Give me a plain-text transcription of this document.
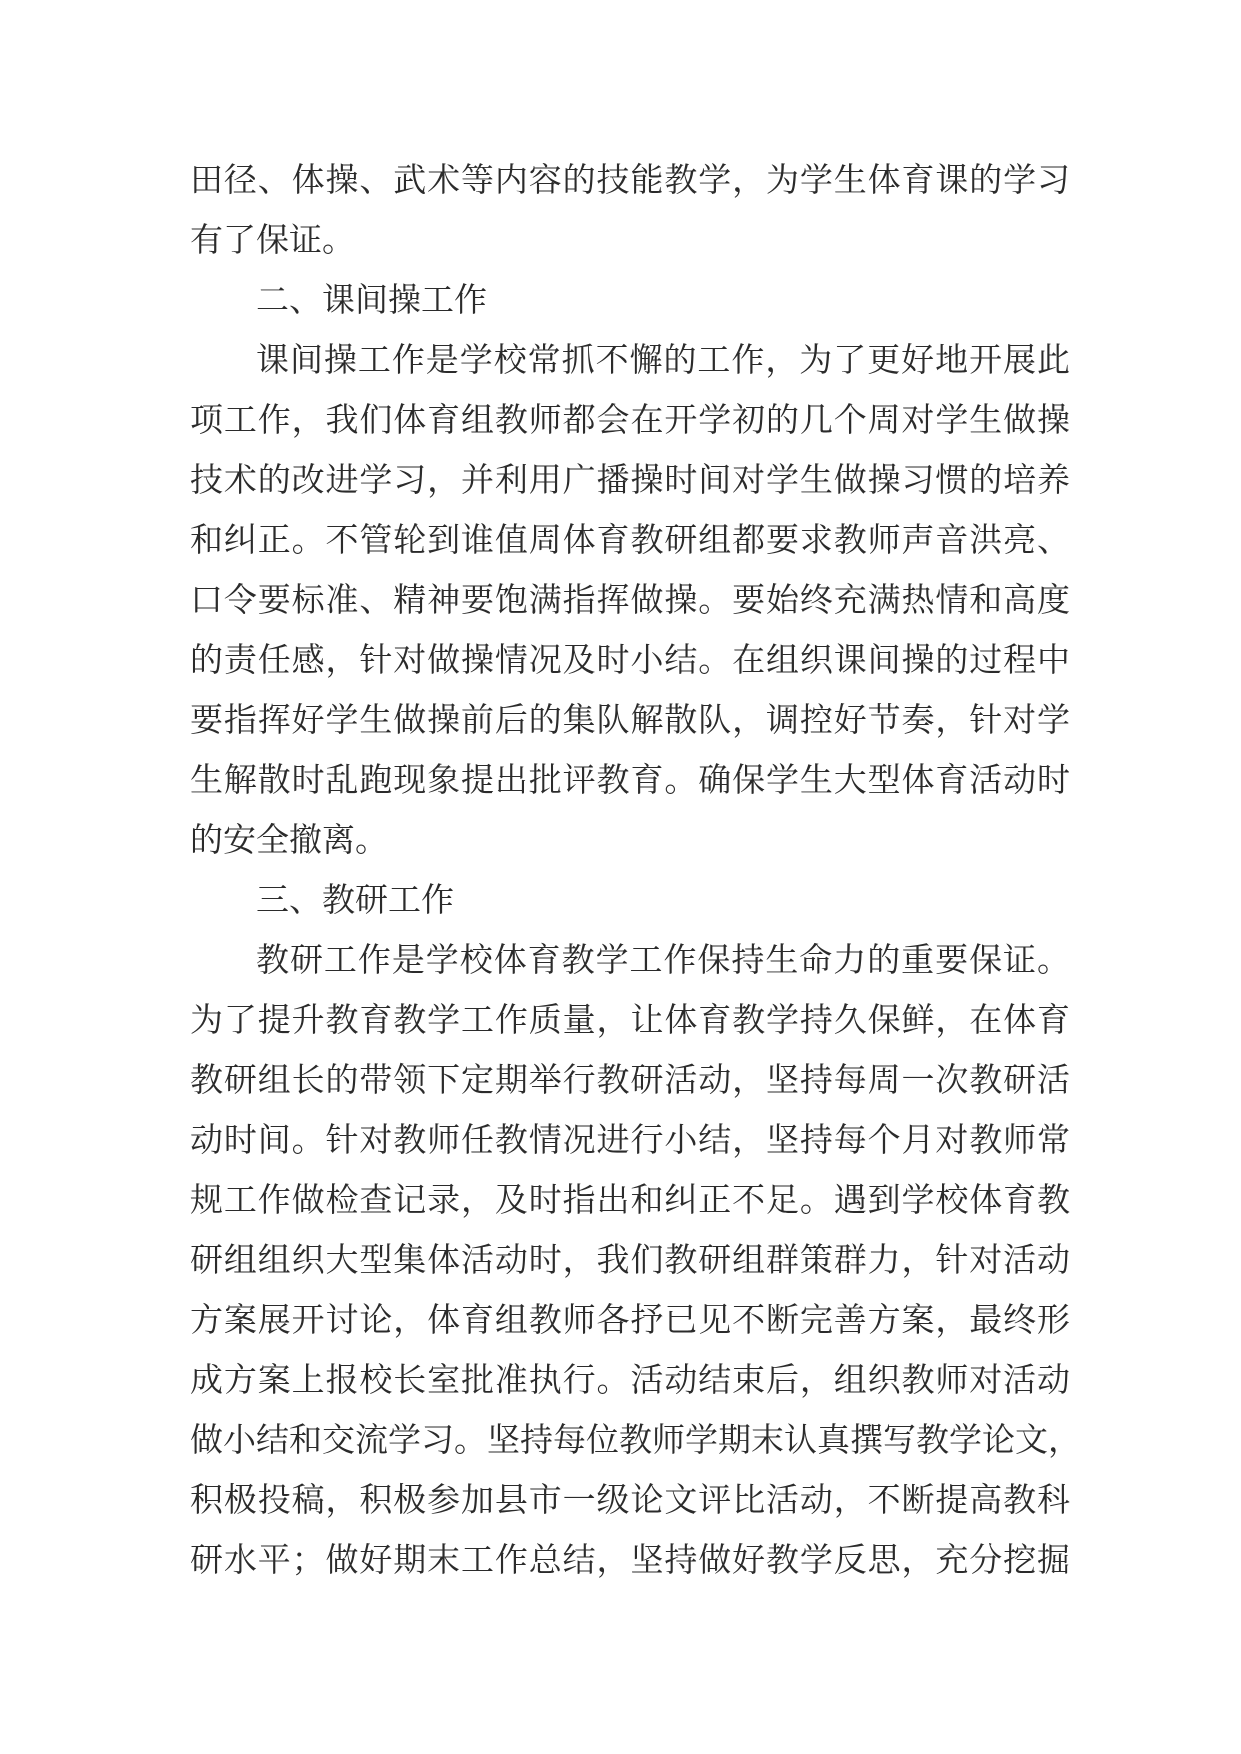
田径、体操、武术等内容的技能教学，为学生体育课的学习
有了保证。
二、课间操工作
课间操工作是学校常抓不懈的工作，为了更好地开展此
项工作，我们体育组教师都会在开学初的几个周对学生做操
技术的改进学习，并利用广播操时间对学生做操习惯的培养
和纠正。不管轮到谁值周体育教研组都要求教师声音洪亮、
口令要标准、精神要饱满指挥做操。要始终充满热情和高度
的责任感，针对做操情况及时小结。在组织课间操的过程中
要指挥好学生做操前后的集队解散队，调控好节奏，针对学
生解散时乱跑现象提出批评教育。确保学生大型体育活动时
的安全撤离。
三、教研工作
教研工作是学校体育教学工作保持生命力的重要保证。
为了提升教育教学工作质量，让体育教学持久保鲜，在体育
教研组长的带领下定期举行教研活动，坚持每周一次教研活
动时间。针对教师任教情况进行小结，坚持每个月对教师常
规工作做检查记录，及时指出和纠正不足。遇到学校体育教
研组组织大型集体活动时，我们教研组群策群力，针对活动
方案展开讨论，体育组教师各抒已见不断完善方案，最终形
成方案上报校长室批准执行。活动结束后，组织教师对活动
做小结和交流学习。坚持每位教师学期末认真撰写教学论文，
积极投稿，积极参加县市一级论文评比活动，不断提高教科
研水平；做好期末工作总结，坚持做好教学反思，充分挖掘
